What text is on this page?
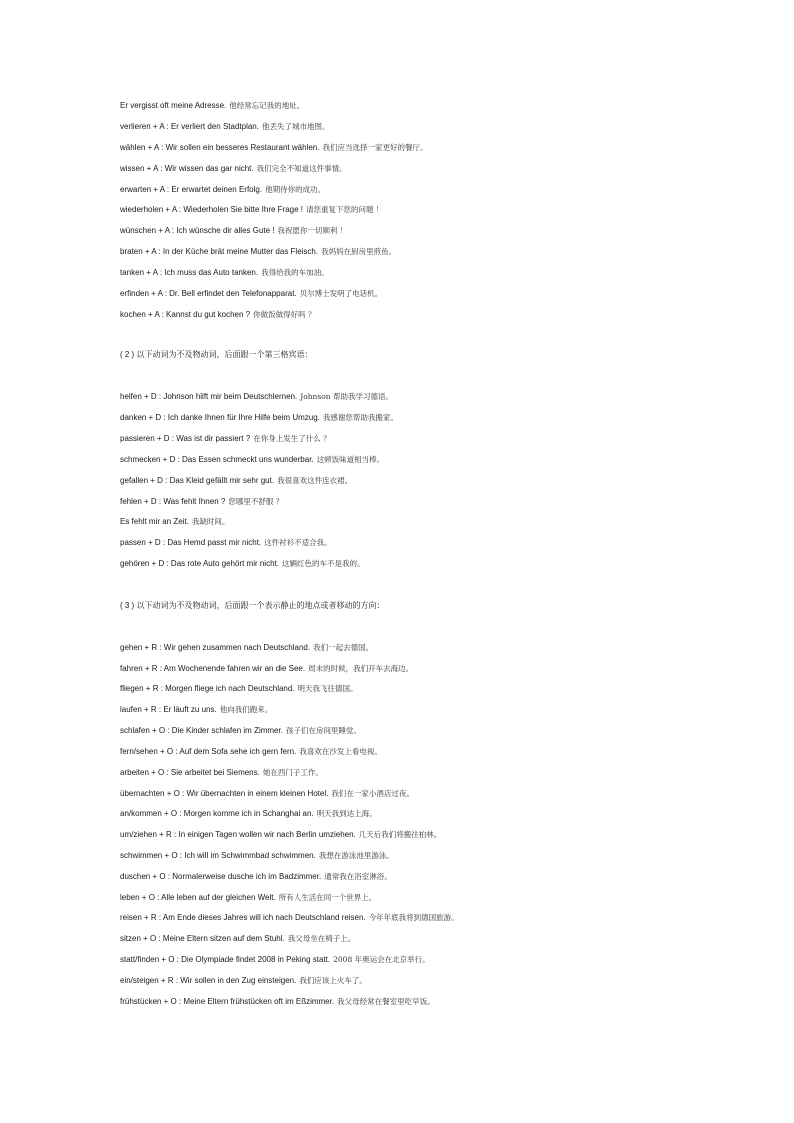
Er vergisst oft meine Adresse. 他经常忘记我的地址。
verlieren + A : Er verliert den Stadtplan. 他丢失了城市地图。
wählen + A : Wir sollen ein besseres Restaurant wählen. 我们应当选择一家更好的餐厅。
wissen + A : Wir wissen das gar nicht. 我们完全不知道这件事情。
erwarten + A : Er erwartet deinen Erfolg. 他期待你的成功。
wiederholen + A : Wiederholen Sie bitte Ihre Frage ! 请您重复下您的问题 ！
wünschen + A : Ich wünsche dir alles Gute ! 我祝愿你一切顺利 ！
braten + A : In der Küche brät meine Mutter das Fleisch. 我妈妈在厨房里煎鱼。
tanken + A : Ich muss das Auto tanken. 我得给我的车加油。
erfinden + A : Dr. Bell erfindet den Telefonapparat. 贝尔博士发明了电话机。
kochen + A : Kannst du gut kochen ? 你做饭做得好吗 ？
( 2 ) 以下动词为不及物动词，后面跟一个第三格宾语：
helfen + D : Johnson hilft mir beim Deutschlernen. Johnson 帮助我学习德语。
danken + D : Ich danke Ihnen für Ihre Hilfe beim Umzug. 我感谢您帮助我搬家。
passieren + D : Was ist dir passiert ? 在你身上发生了什么 ？
schmecken + D : Das Essen schmeckt uns wunderbar. 这顿饭味道相当棒。
gefallen + D : Das Kleid gefällt mir sehr gut. 我很喜欢这件连衣裙。
fehlen + D : Was fehlt Ihnen ? 您哪里不舒服 ？
Es fehlt mir an Zeit. 我缺时间。
passen + D : Das Hemd passt mir nicht. 这件衬衫不适合我。
gehören + D : Das rote Auto gehört mir nicht. 这辆红色的车不是我的。
( 3 ) 以下动词为不及物动词，后面跟一个表示静止的地点或者移动的方向：
gehen + R : Wir gehen zusammen nach Deutschland. 我们一起去德国。
fahren + R : Am Wochenende fahren wir an die See. 周末的时候，我们开车去海边。
fliegen + R : Morgen fliege ich nach Deutschland. 明天我飞往德国。
laufen + R : Er läuft zu uns. 他向我们跑来。
schlafen + O : Die Kinder schlafen im Zimmer. 孩子们在房间里睡觉。
fern/sehen + O : Auf dem Sofa sehe ich gern fern. 我喜欢在沙发上看电视。
arbeiten + O : Sie arbeitet bei Siemens. 她在西门子工作。
übernachten + O : Wir übernachten in einem kleinen Hotel. 我们在一家小酒店过夜。
an/kommen + O : Morgen komme ich in Schanghai an. 明天我到达上海。
um/ziehen + R : In einigen Tagen wollen wir nach Berlin umziehen. 几天后我们将搬往柏林。
schwimmen + O : Ich will im Schwimmbad schwimmen. 我想在游泳池里游泳。
duschen + O : Normalerweise dusche ich im Badzimmer. 通常我在浴室淋浴。
leben + O : Alle leben auf der gleichen Welt. 所有人生活在同一个世界上。
reisen + R : Am Ende dieses Jahres will ich nach Deutschland reisen. 今年年底我将到德国旅游。
sitzen + O : Meine Eltern sitzen auf dem Stuhl. 我父母坐在椅子上。
statt/finden + O : Die Olympiade findet 2008 in Peking statt. 2008 年奥运会在北京举行。
ein/steigen + R : Wir sollen in den Zug einsteigen. 我们应该上火车了。
frühstücken + O : Meine Eltern frühstücken oft im Eßzimmer. 我父母经常在餐室里吃早饭。
